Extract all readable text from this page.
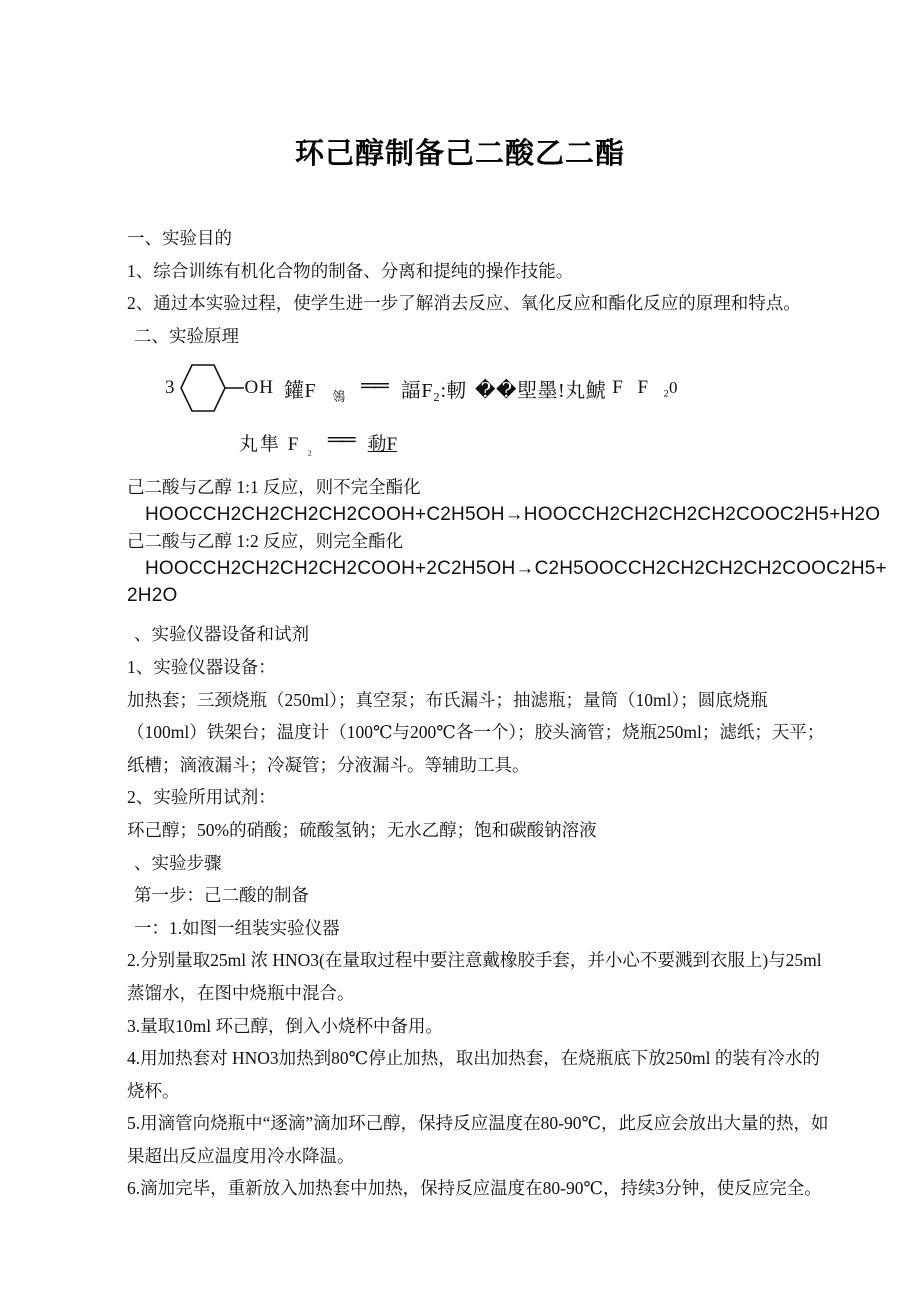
环己醇制备己二酸乙二酯
一、实验目的
1、综合训练有机化合物的制备、分离和提纯的操作技能。
2、通过本实验过程，使学生进一步了解消去反应、氧化反应和酯化反应的原理和特点。
二、实验原理
3	OH 鑵F 鴒 ══ 諨F₂:軔 ��堲墨!丸鯱 F F ₂0
丸隼 F ₂ ══ 㔞F
己二酸与乙醇 1:1 反应，则不完全酯化
HOOCCH2CH2CH2CH2COOH+C2H5OH→HOOCCH2CH2CH2CH2COOC2H5+H2O
己二酸与乙醇 1:2 反应，则完全酯化
HOOCCH2CH2CH2CH2COOH+2C2H5OH→C2H5OOCCH2CH2CH2CH2COOC2H5+
2H2O
、实验仪器设备和试剂
1、实验仪器设备：
加热套；三颈烧瓶（250ml）；真空泵；布氏漏斗；抽滤瓶；量筒（10ml）；圆底烧瓶
（100ml）铁架台；温度计（100℃与200℃各一个）；胶头滴管；烧瓶250ml；滤纸；天平；
纸槽；滴液漏斗；冷凝管；分液漏斗。等辅助工具。
2、实验所用试剂：
环己醇；50%的硝酸；硫酸氢钠；无水乙醇；饱和碳酸钠溶液
、实验步骤
第一步：己二酸的制备
一：1.如图一组装实验仪器
2.分别量取25ml 浓 HNO3(在量取过程中要注意戴橡胶手套，并小心不要溅到衣服上)与25ml
蒸馏水，在图中烧瓶中混合。
3.量取10ml 环己醇，倒入小烧杯中备用。
4.用加热套对 HNO3加热到80℃停止加热，取出加热套，在烧瓶底下放250ml 的装有冷水的
烧杯。
5.用滴管向烧瓶中“逐滴”滴加环己醇，保持反应温度在80-90℃，此反应会放出大量的热，如
果超出反应温度用冷水降温。
6.滴加完毕，重新放入加热套中加热，保持反应温度在80-90℃，持续3分钟，使反应完全。
